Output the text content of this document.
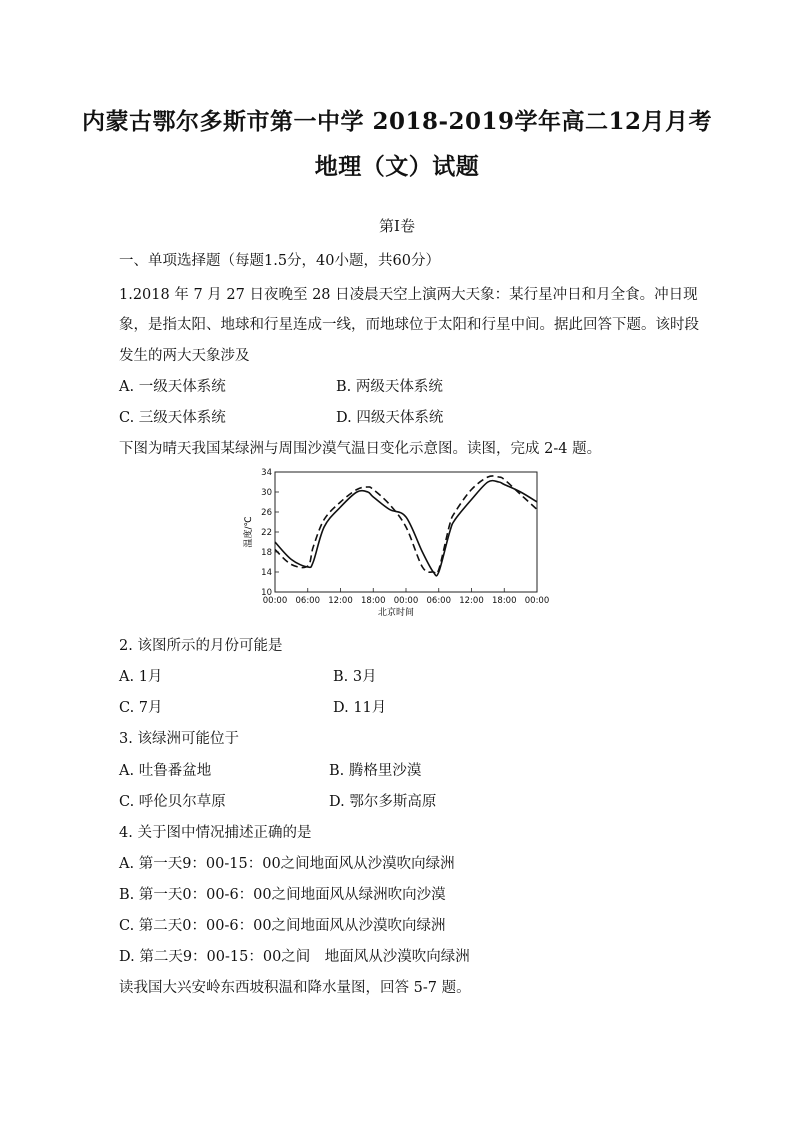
内蒙古鄂尔多斯市第一中学 2018-2019学年高二12月月考
地理（文）试题
第Ⅰ卷
一、单项选择题（每题1.5分，40小题，共60分）
1.2018 年 7 月 27 日夜晚至 28 日凌晨天空上演两大天象：某行星冲日和月全食。冲日现
象，是指太阳、地球和行星连成一线，而地球位于太阳和行星中间。据此回答下题。该时段
发生的两大天象涉及
A. 一级天体系统	B. 两级天体系统
C. 三级天体系统	D. 四级天体系统
下图为晴天我国某绿洲与周围沙漠气温日变化示意图。读图，完成 2-4 题。
10
14
18
22
26
30
34
00:00 06:00 12:00 18:00 00:00 06:00 12:00 18:00 00:00
温度/℃
北京时间
2. 该图所示的月份可能是
A. 1月	B. 3月
C. 7月	D. 11月
3. 该绿洲可能位于
A. 吐鲁番盆地	B. 腾格里沙漠
C. 呼伦贝尔草原	D. 鄂尔多斯高原
4. 关于图中情况捕述正确的是
A. 第一天9：00-15：00之间地面风从沙漠吹向绿洲
B. 第一天0：00-6：00之间地面风从绿洲吹向沙漠
C. 第二天0：00-6：00之间地面风从沙漠吹向绿洲
D. 第二天9：00-15：00之间　地面风从沙漠吹向绿洲
读我国大兴安岭东西坡积温和降水量图，回答 5-7 题。
